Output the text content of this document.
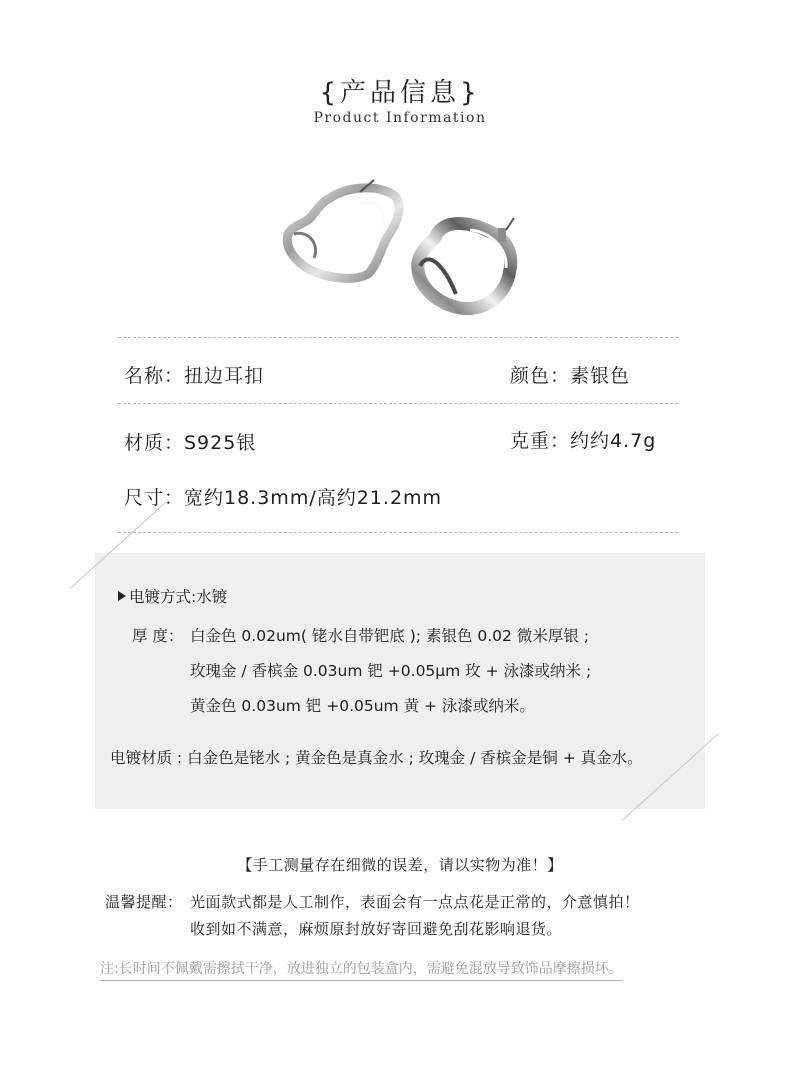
{产品信息}
Product Information
名称：扭边耳扣	颜色：素银色
材质：S925银	克重：约约4.7g
尺寸：宽约18.3mm/高约21.2mm
电镀方式:水镀
厚 度： 白金色 0.02um( 铑水自带钯底 ); 素银色 0.02 微米厚银 ;
玫瑰金 / 香槟金 0.03um 钯 +0.05μm 玫 + 泳漆或纳米 ;
黄金色 0.03um 钯 +0.05um 黄 + 泳漆或纳米。
电镀材质 : 白金色是铑水 ; 黄金色是真金水 ; 玫瑰金 / 香槟金是铜 + 真金水。
【手工测量存在细微的误差，请以实物为准！】
温馨提醒： 光面款式都是人工制作，表面会有一点点花是正常的，介意慎拍！
收到如不满意，麻烦原封放好寄回避免刮花影响退货。
注:长时间不佩戴需擦拭干净，放进独立的包装盒内，需避免混放导致饰品摩擦损坏。
